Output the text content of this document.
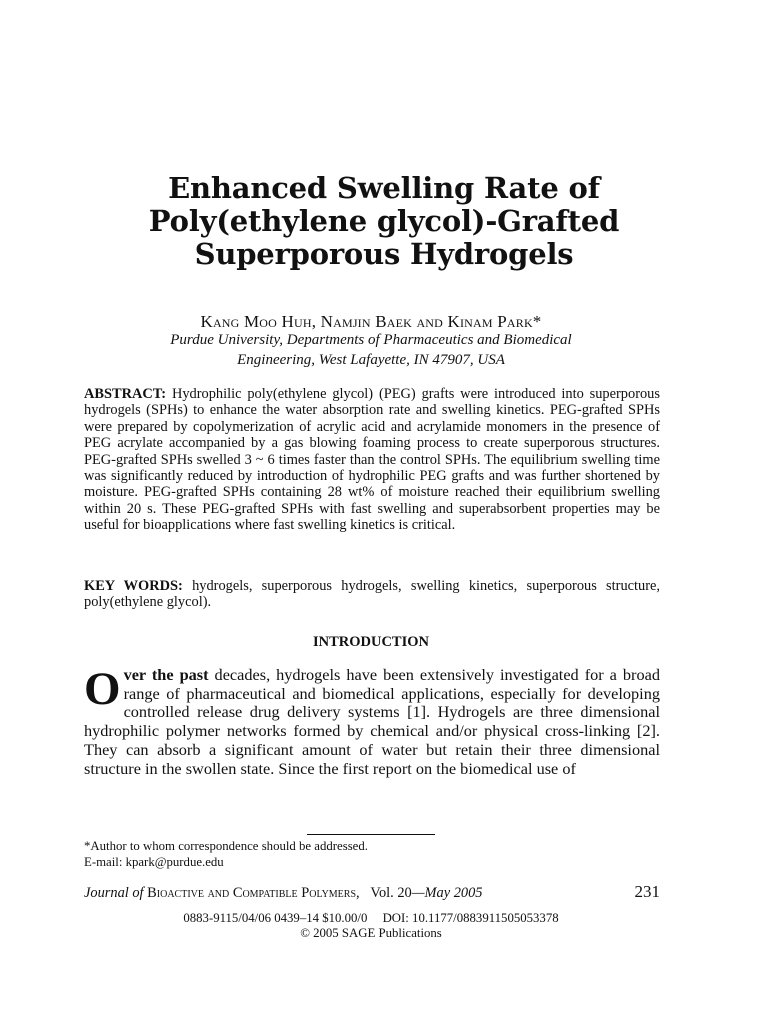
Enhanced Swelling Rate of
Poly(ethylene glycol)-Grafted
Superporous Hydrogels
Kang Moo Huh, Namjin Baek and Kinam Park*
Purdue University, Departments of Pharmaceutics and Biomedical
Engineering, West Lafayette, IN 47907, USA
ABSTRACT: Hydrophilic poly(ethylene glycol) (PEG) grafts were introduced into superporous hydrogels (SPHs) to enhance the water absorption rate and swelling kinetics. PEG-grafted SPHs were prepared by copolymerization of acrylic acid and acrylamide monomers in the presence of PEG acrylate accompanied by a gas blowing foaming process to create superporous structures. PEG-grafted SPHs swelled 3 ~ 6 times faster than the control SPHs. The equilibrium swelling time was significantly reduced by introduction of hydrophilic PEG grafts and was further shortened by moisture. PEG-grafted SPHs containing 28 wt% of moisture reached their equilibrium swelling within 20 s. These PEG-grafted SPHs with fast swelling and superabsorbent properties may be useful for bioapplications where fast swelling kinetics is critical.
KEY WORDS: hydrogels, superporous hydrogels, swelling kinetics, superporous structure, poly(ethylene glycol).
INTRODUCTION
Over the past decades, hydrogels have been extensively investigated for a broad range of pharmaceutical and biomedical applications, especially for developing controlled release drug delivery systems [1]. Hydrogels are three dimensional hydrophilic polymer networks formed by chemical and/or physical cross-linking [2]. They can absorb a significant amount of water but retain their three dimensional structure in the swollen state. Since the first report on the biomedical use of
*Author to whom correspondence should be addressed.
E-mail: kpark@purdue.edu
Journal of Bioactive and Compatible Polymers, Vol. 20—May 2005	231
0883-9115/04/06 0439–14 $10.00/0 DOI: 10.1177/0883911505053378
© 2005 SAGE Publications
